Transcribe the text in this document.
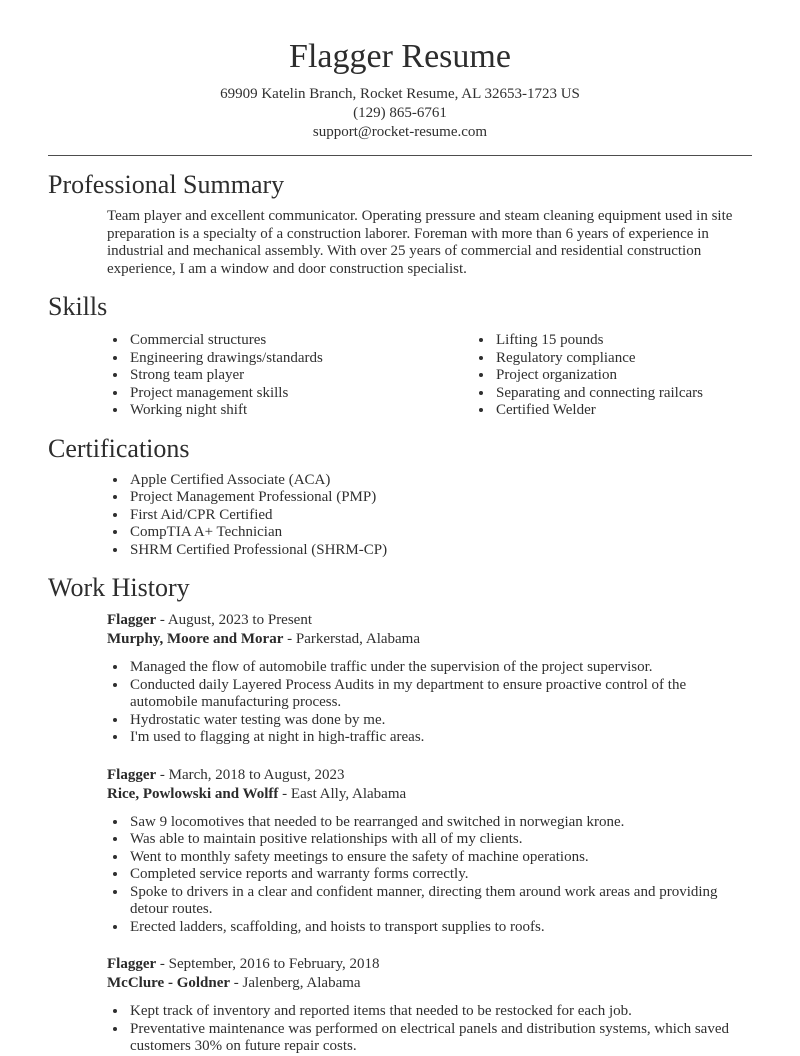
Flagger Resume
69909 Katelin Branch, Rocket Resume, AL 32653-1723 US
(129) 865-6761
support@rocket-resume.com
Professional Summary

Team player and excellent communicator. Operating pressure and steam cleaning equipment used in site preparation is a specialty of a construction laborer. Foreman with more than 6 years of experience in industrial and mechanical assembly. With over 25 years of commercial and residential construction experience, I am a window and door construction specialist.

Skills
• Commercial structures
• Engineering drawings/standards
• Strong team player
• Project management skills
• Working night shift
• Lifting 15 pounds
• Regulatory compliance
• Project organization
• Separating and connecting railcars
• Certified Welder
Certifications
• Apple Certified Associate (ACA)
• Project Management Professional (PMP)
• First Aid/CPR Certified
• CompTIA A+ Technician
• SHRM Certified Professional (SHRM-CP)
Work History
Flagger - August, 2023 to Present
Murphy, Moore and Morar - Parkerstad, Alabama
• Managed the flow of automobile traffic under the supervision of the project supervisor.
• Conducted daily Layered Process Audits in my department to ensure proactive control of the automobile manufacturing process.
• Hydrostatic water testing was done by me.
• I'm used to flagging at night in high-traffic areas.
Flagger - March, 2018 to August, 2023
Rice, Powlowski and Wolff - East Ally, Alabama
• Saw 9 locomotives that needed to be rearranged and switched in norwegian krone.
• Was able to maintain positive relationships with all of my clients.
• Went to monthly safety meetings to ensure the safety of machine operations.
• Completed service reports and warranty forms correctly.
• Spoke to drivers in a clear and confident manner, directing them around work areas and providing detour routes.
• Erected ladders, scaffolding, and hoists to transport supplies to roofs.
Flagger - September, 2016 to February, 2018
McClure - Goldner - Jalenberg, Alabama
• Kept track of inventory and reported items that needed to be restocked for each job.
• Preventative maintenance was performed on electrical panels and distribution systems, which saved customers 30% on future repair costs.
